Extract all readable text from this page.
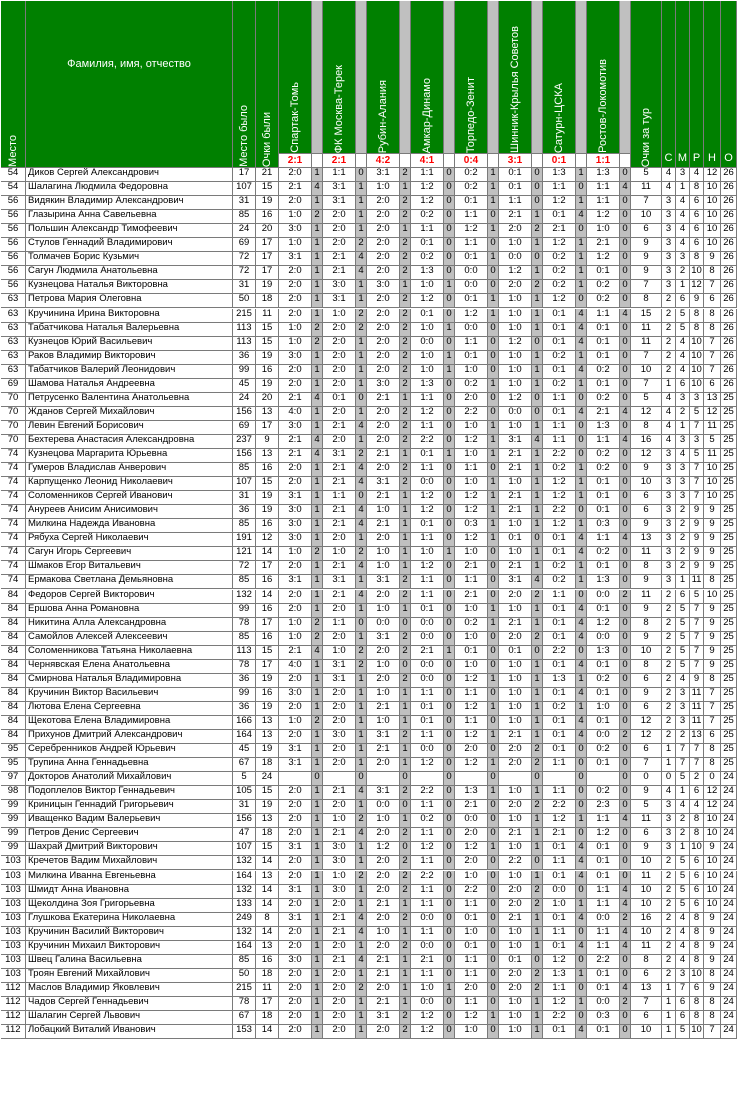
Место
Фамилия, имя, отчество
Место было Очки были Спартак-Томь
2:1
ФК Москва-Терек
2:1
Рубин-Алания
4:2
Амкар-Динамо
4:1
Торпедо-Зенит
0:4
Шинник-Крылья Советов
3:1
Сатурн-ЦСКА
0:1
Ростов-Локомотив
1:1	Очки за тур С М Р Н О
54	Диков Сергей Александрович	17	21	2:0	1	1:1	0	3:1	2	1:1	0	0:2	1	0:1	0	1:3	1	1:3	0	5	4 3 4 12 26
54	Шалагина Людмила Федоровна	107	15	2:1	4	3:1	1	1:0	1	1:2	0	0:2	1	0:1	0	1:1	0	1:1	4	11	4 1 8 10 26
56	Видякин Владимир Александрович	31	19	2:0	1	3:1	1	2:0	2	1:2	0	0:1	1	1:1	0	1:2	1	1:1	0	7	3 4 6 10 26
56	Глазырина Анна Савельевна	85	16	1:0	2	2:0	1	2:0	2	0:2	0	1:1	0	2:1	1	0:1	4	1:2	0	10	3 4 6 10 26
56	Польшин Александр Тимофеевич	24	20	3:0	1	2:0	1	2:0	1	1:1	0	1:2	1	2:0	2	2:1	0	1:0	0	6	3 4 6 10 26
56	Стулов Геннадий Владимирович	69	17	1:0	1	2:0	2	2:0	2	0:1	0	1:1	0	1:0	1	1:2	1	2:1	0	9	3 4 6 10 26
56	Толмачев Борис Кузьмич	72	17	3:1	1	2:1	4	2:0	2	0:2	0	0:1	1	0:0	0	0:2	1	1:2	0	9	3 3 8	9 26
56	Сагун Людмила Анатольевна	72	17	2:0	1	2:1	4	2:0	2	1:3	0	0:0	0	1:2	1	0:2	1	0:1	0	9	3 2 10 8 26
56	Кузнецова Наталья Викторовна	31	19	2:0	1	3:0	1	3:0	1	1:0	1	0:0	0	2:0	2	0:2	1	0:2	0	7	3 1 12 7 26
63	Петрова Мария Олеговна	50	18	2:0	1	3:1	1	2:0	2	1:2	0	0:1	1	1:0	1	1:2	0	0:2	0	8	2 6 9	6 26
63	Кручинина Ирина Викторовна	215	11	2:0	1	1:0	2	2:0	2	0:1	0	1:2	1	1:0	1	0:1	4	1:1	4	15	2 5 8	8 26
63	Табатчикова Наталья Валерьевна	113	15	1:0	2	2:0	2	2:0	2	1:0	1	0:0	0	1:0	1	0:1	4	0:1	0	11	2 5 8	8 26
63	Кузнецов Юрий Васильевич	113	15	1:0	2	2:0	1	2:0	2	0:0	0	1:1	0	1:2	0	0:1	4	0:1	0	11	2 4 10 7 26
63	Раков Владимир Викторович	36	19	3:0	1	2:0	1	2:0	2	1:0	1	0:1	0	1:0	1	0:2	1	0:1	0	7	2 4 10 7 26
63	Табатчиков Валерий Леонидович	99	16	2:0	1	2:0	1	2:0	2	1:0	1	1:0	0	1:0	1	0:1	4	0:2	0	10	2 4 10 7 26
69	Шамова Наталья Андреевна	45	19	2:0	1	2:0	1	3:0	2	1:3	0	0:2	1	1:0	1	0:2	1	0:1	0	7	1 6 10 6 26
70	Петрусенко Валентина Анатольевна	24	20	2:1	4	0:1	0	2:1	1	1:1	0	2:0	0	1:2	0	1:1	0	0:2	0	5	4 3 3 13 25
70	Жданов Сергей Михайлович	156	13	4:0	1	2:0	1	2:0	2	1:2	0	2:2	0	0:0	0	0:1	4	2:1	4	12	4 2 5 12 25
70	Левин Евгений Борисович	69	17	3:0	1	2:1	4	2:0	2	1:1	0	1:0	1	1:0	1	1:1	0	1:3	0	8	4 1 7 11 25
70	Бехтерева Анастасия Александровна	237	9	2:1	4	2:0	1	2:0	2	2:2	0	1:2	1	3:1	4	1:1	0	1:1	4	16	4 3 3	5 25
74	Кузнецова Маргарита Юрьевна	156	13	2:1	4	3:1	2	2:1	1	0:1	1	1:0	1	2:1	1	2:2	0	0:2	0	12	3 4 5 11 25
74	Гумеров Владислав Анверович	85	16	2:0	1	2:1	4	2:0	2	1:1	0	1:1	0	2:1	1	0:2	1	0:2	0	9	3 3 7 10 25
74	Карпущенко Леонид Николаевич	107	15	2:0	1	2:1	4	3:1	2	0:0	0	1:0	1	1:0	1	1:2	1	0:1	0	10	3 3 7 10 25
74	Соломенников Сергей Иванович	31	19	3:1	1	1:1	0	2:1	1	1:2	0	1:2	1	2:1	1	1:2	1	0:1	0	6	3 3 7 10 25
74	Ануреев Анисим Анисимович	36	19	3:0	1	2:1	4	1:0	1	1:2	0	1:2	1	2:1	1	2:2	0	0:1	0	6	3 2 9	9 25
74	Милкина Надежда Ивановна	85	16	3:0	1	2:1	4	2:1	1	0:1	0	0:3	1	1:0	1	1:2	1	0:3	0	9	3 2 9	9 25
74	Рябуха Сергей Николаевич	191	12	3:0	1	2:0	1	2:0	1	1:1	0	1:2	1	0:1	0	0:1	4	1:1	4	13	3 2 9	9 25
74	Сагун Игорь Сергеевич	121	14	1:0	2	1:0	2	1:0	1	1:0	1	1:0	0	1:0	1	0:1	4	0:2	0	11	3 2 9	9 25
74	Шмаков Егор Витальевич	72	17	2:0	1	2:1	4	1:0	1	1:2	0	2:1	0	2:1	1	0:2	1	0:1	0	8	3 2 9	9 25
74	Ермакова Светлана Демьяновна	85	16	3:1	1	3:1	1	3:1	2	1:1	0	1:1	0	3:1	4	0:2	1	1:3	0	9	3 1 11 8 25
84	Федоров Сергей Викторович	132	14	2:0	1	2:1	4	2:0	2	1:1	0	2:1	0	2:0	2	1:1	0	0:0	2	11	2 6 5 10 25
84	Ершова Анна Романовна	99	16	2:0	1	2:0	1	1:0	1	0:1	0	1:0	1	1:0	1	0:1	4	0:1	0	9	2 5 7	9 25
84	Никитина Алла Александровна	78	17	1:0	2	1:1	0	0:0	0	0:0	0	0:2	1	2:1	1	0:1	4	1:2	0	8	2 5 7	9 25
84	Самойлов Алексей Алексеевич	85	16	1:0	2	2:0	1	3:1	2	0:0	0	1:0	0	2:0	2	0:1	4	0:0	0	9	2 5 7	9 25
84	Соломенникова Татьяна Николаевна	113	15	2:1	4	1:0	2	2:0	2	2:1	1	0:1	0	0:1	0	2:2	0	1:3	0	10	2 5 7	9 25
84	Чернявская Елена Анатольевна	78	17	4:0	1	3:1	2	1:0	0	0:0	0	1:0	0	1:0	1	0:1	4	0:1	0	8	2 5 7	9 25
84	Смирнова Наталья Владимировна	36	19	2:0	1	3:1	1	2:0	2	0:0	0	1:2	1	1:0	1	1:3	1	0:2	0	6	2 4 9	8 25
84	Кручинин Виктор Васильевич	99	16	3:0	1	2:0	1	1:0	1	1:1	0	1:1	0	1:0	1	0:1	4	0:1	0	9	2 3 11 7 25
84	Лютова Елена Сергеевна	36	19	2:0	1	2:0	1	2:1	1	0:1	0	1:2	1	1:0	1	0:2	1	1:0	0	6	2 3 11 7 25
84	Щекотова Елена Владимировна	166	13	1:0	2	2:0	1	1:0	1	0:1	0	1:1	0	1:0	1	0:1	4	0:1	0	12	2 3 11 7 25
84	Прихунов Дмитрий Александрович	164	13	2:0	1	3:0	1	3:1	2	1:1	0	1:2	1	2:1	1	0:1	4	0:0	2	12	2 2 13 6 25
95	Серебренников Андрей Юрьевич	45	19	3:1	1	2:0	1	2:1	1	0:0	0	2:0	0	2:0	2	0:1	0	0:2	0	6	1 7 7	8 25
95	Трупина Анна Геннадьевна	67	18	3:1	1	2:0	1	2:0	1	1:2	0	1:2	1	2:0	2	1:1	0	0:1	0	7	1 7 7	8 25
97	Докторов Анатолий Михайлович	5	24	0	0	0	0	0	0	0	0	0	0 5 2	0 24
98	Подоплелов Виктор Геннадьевич	105	15	2:0	1	2:1	4	3:1	2	2:2	0	1:3	1	1:0	1	1:1	0	0:2	0	9	4 1 6 12 24
99	Криницын Геннадий Григорьевич	31	19	2:0	1	2:0	1	0:0	0	1:1	0	2:1	0	2:0	2	2:2	0	2:3	0	5	3 4 4 12 24
99	Иващенко Вадим Валерьевич	156	13	2:0	1	1:0	2	1:0	1	0:2	0	0:0	0	1:0	1	1:2	1	1:1	4	11	3 2 8 10 24
99	Петров Денис Сергеевич	47	18	2:0	1	2:1	4	2:0	2	1:1	0	2:0	0	2:1	1	2:1	0	1:2	0	6	3 2 8 10 24
99	Шахрай Дмитрий Викторович	107	15	3:1	1	3:0	1	1:2	0	1:2	0	1:2	1	1:0	1	0:1	4	0:1	0	9	3 1 10 9 24
103 Кречетов Вадим Михайлович	132	14	2:0	1	3:0	1	2:0	2	1:1	0	2:0	0	2:2	0	1:1	4	0:1	0	10	2 5 6 10 24
103 Милкина Иванна Евгеньевна	164	13	2:0	1	1:0	2	2:0	2	2:2	0	1:0	0	1:0	1	0:1	4	0:1	0	11	2 5 6 10 24
103 Шмидт Анна Ивановна	132	14	3:1	1	3:0	1	2:0	2	1:1	0	2:2	0	2:0	2	0:0	0	1:1	4	10	2 5 6 10 24
103 Щеколдина Зоя Григорьевна	133	14	2:0	1	2:0	1	2:1	1	1:1	0	1:1	0	2:0	2	1:0	1	1:1	4	10	2 5 6 10 24
103 Глушкова Екатерина Николаевна	249	8	3:1	1	2:1	4	2:0	2	0:0	0	0:1	0	2:1	1	0:1	4	0:0	2	16	2 4 8	9 24
103 Кручинин Василий Викторович	132	14	2:0	1	2:1	4	1:0	1	1:1	0	1:0	0	1:0	1	1:1	0	1:1	4	10	2 4 8	9 24
103 Кручинин Михаил Викторович	164	13	2:0	1	2:0	1	2:0	2	0:0	0	0:1	0	1:0	1	0:1	4	1:1	4	11	2 4 8	9 24
103 Швец Галина Васильевна	85	16	3:0	1	2:1	4	2:1	1	2:1	0	1:1	0	0:1	0	1:2	0	2:2	0	8	2 4 8	9 24
103 Троян Евгений Михайлович	50	18	2:0	1	2:0	1	2:1	1	1:1	0	1:1	0	2:0	2	1:3	1	0:1	0	6	2 3 10 8 24
112 Маслов Владимир Яковлевич	215	11	2:0	1	2:0	2	2:0	1	1:0	1	2:0	0	2:0	2	1:1	0	0:1	4	13	1 7 6	9 24
112 Чадов Сергей Геннадьевич	78	17	2:0	1	2:0	1	2:1	1	0:0	0	1:1	0	1:0	1	1:2	1	0:0	2	7	1 6 8	8 24
112 Шалагин Сергей Львович	67	18	2:0	1	2:0	1	3:1	2	1:2	0	1:2	1	1:0	1	2:2	0	0:3	0	6	1 6 8	8 24
112 Лобацкий Виталий Иванович	153	14	2:0	1	2:0	1	2:0	2	1:2	0	1:0	0	1:0	1	0:1	4	0:1	0	10	1 5 10 7 24
